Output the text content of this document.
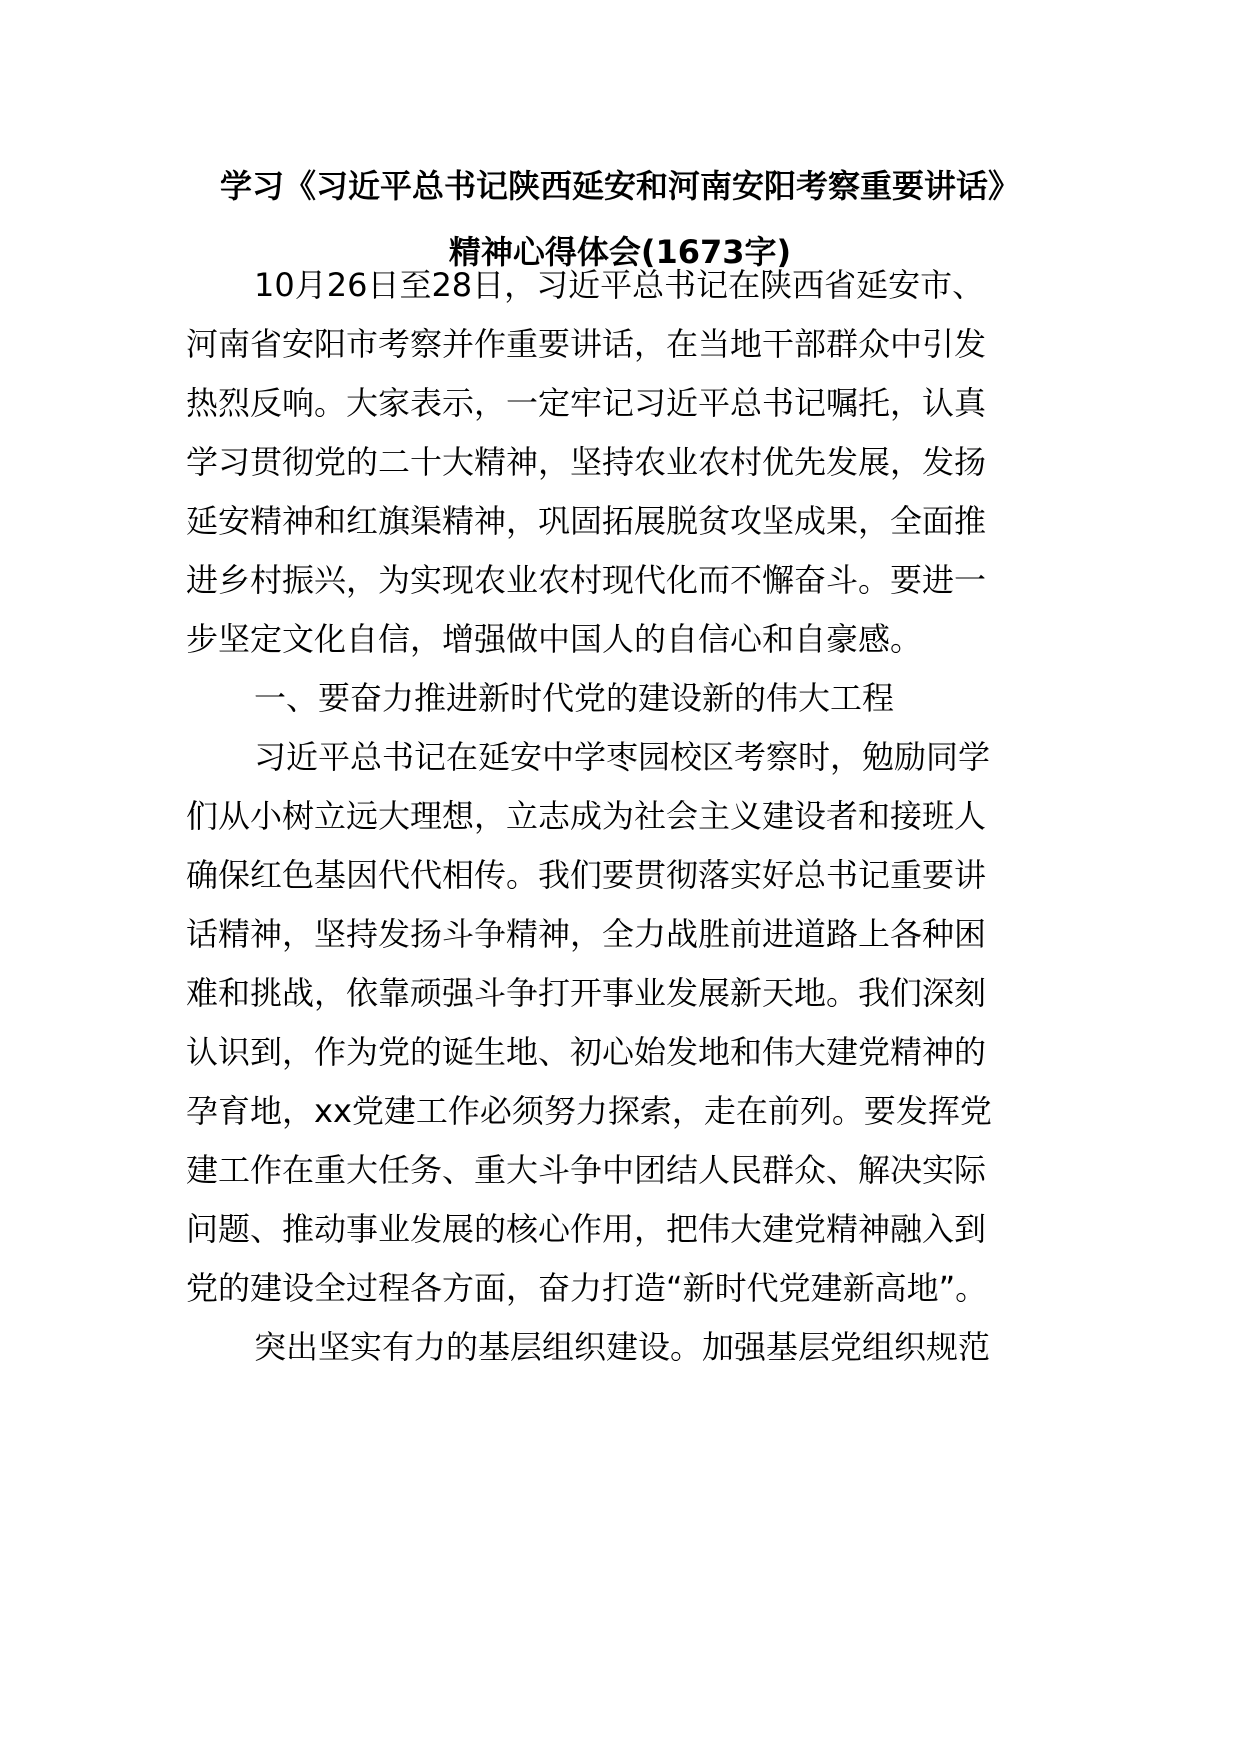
学习《习近平总书记陕西延安和河南安阳考察重要讲话》
精神心得体会(1673字)

10月26日至28日，习近平总书记在陕西省延安市、

河南省安阳市考察并作重要讲话，在当地干部群众中引发

热烈反响。大家表示，一定牢记习近平总书记嘱托，认真

学习贯彻党的二十大精神，坚持农业农村优先发展，发扬

延安精神和红旗渠精神，巩固拓展脱贫攻坚成果，全面推

进乡村振兴，为实现农业农村现代化而不懈奋斗。要进一

步坚定文化自信，增强做中国人的自信心和自豪感。

一、要奋力推进新时代党的建设新的伟大工程

习近平总书记在延安中学枣园校区考察时，勉励同学

们从小树立远大理想，立志成为社会主义建设者和接班人

确保红色基因代代相传。我们要贯彻落实好总书记重要讲

话精神，坚持发扬斗争精神，全力战胜前进道路上各种困

难和挑战，依靠顽强斗争打开事业发展新天地。我们深刻

认识到，作为党的诞生地、初心始发地和伟大建党精神的

孕育地，xx党建工作必须努力探索，走在前列。要发挥党

建工作在重大任务、重大斗争中团结人民群众、解决实际

问题、推动事业发展的核心作用，把伟大建党精神融入到

党的建设全过程各方面，奋力打造“新时代党建新高地”。

突出坚实有力的基层组织建设。加强基层党组织规范
